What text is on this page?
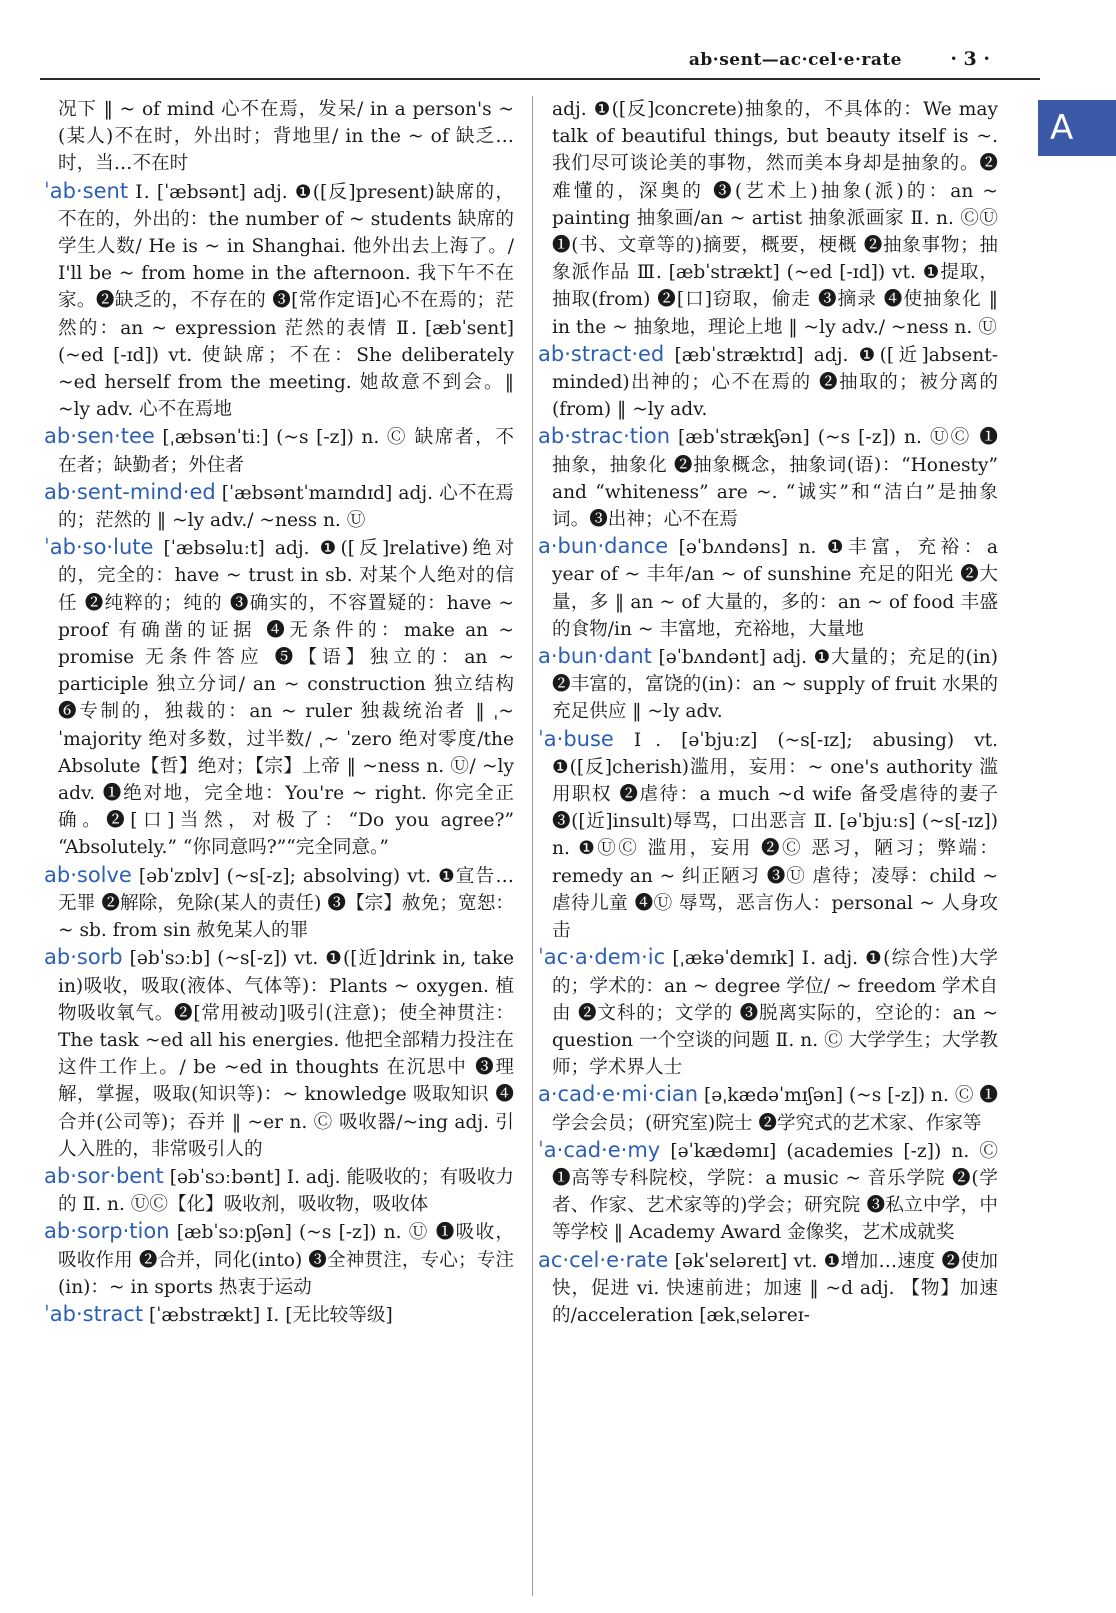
ab·sent—ac·cel·e·rate	· 3 ·
A

况下 ‖ ~ of mind 心不在焉，发呆/ in a person's ~ (某人)不在时，外出时；背地里/ in the ~ of 缺乏…时，当…不在时

ˈab·sent Ⅰ. [ˈæbsənt] adj. ❶([反]present)缺席的，不在的，外出的：the number of ~ students 缺席的学生人数/ He is ~ in Shanghai. 他外出去上海了。/ I'll be ~ from home in the afternoon. 我下午不在家。❷缺乏的，不存在的 ❸[常作定语]心不在焉的；茫然的：an ~ expression 茫然的表情 Ⅱ. [æbˈsent](~ed [-ɪd]) vt. 使缺席；不在：She deliberately ~ed herself from the meeting. 她故意不到会。‖ ~ly adv. 心不在焉地

ab·sen·tee [ˌæbsənˈtiː] (~s [-z]) n. Ⓒ 缺席者，不在者；缺勤者；外住者

ab·sent-mind·ed [ˈæbsəntˈmaɪndɪd] adj. 心不在焉的；茫然的 ‖ ~ly adv./ ~ness n. Ⓤ

ˈab·so·lute [ˈæbsəluːt] adj. ❶([反]relative)绝对的，完全的：have ~ trust in sb. 对某个人绝对的信任 ❷纯粹的；纯的 ❸确实的，不容置疑的：have ~ proof 有确凿的证据 ❹无条件的：make an ~ promise 无条件答应 ❺【语】独立的：an ~ participle 独立分词/ an ~ construction 独立结构 ❻专制的，独裁的：an ~ ruler 独裁统治者 ‖ ˌ~ ˈmajority 绝对多数，过半数/ ˌ~ ˈzero 绝对零度/the Absolute【哲】绝对；【宗】上帝 ‖ ~ness n. Ⓤ/ ~ly adv. ❶绝对地，完全地：You're ~ right. 你完全正确。❷[口]当然，对极了：“Do you agree?” “Absolutely.” “你同意吗?”“完全同意。”

ab·solve [əbˈzɒlv] (~s[-z]; absolving) vt. ❶宣告…无罪 ❷解除，免除(某人的责任) ❸【宗】赦免；宽恕：~ sb. from sin 赦免某人的罪

ab·sorb [əbˈsɔːb] (~s[-z]) vt. ❶([近]drink in, take in)吸收，吸取(液体、气体等)：Plants ~ oxygen. 植物吸收氧气。❷[常用被动]吸引(注意)；使全神贯注：The task ~ed all his energies. 他把全部精力投注在这件工作上。/ be ~ed in thoughts 在沉思中 ❸理解，掌握，吸取(知识等)：~ knowledge 吸取知识 ❹合并(公司等)；吞并 ‖ ~er n. Ⓒ 吸收器/~ing adj. 引人入胜的，非常吸引人的

ab·sor·bent [əbˈsɔːbənt] Ⅰ. adj. 能吸收的；有吸收力的 Ⅱ. n. ⓊⒸ【化】吸收剂，吸收物，吸收体

ab·sorp·tion [æbˈsɔːpʃən] (~s [-z]) n. Ⓤ ❶吸收，吸收作用 ❷合并，同化(into) ❸全神贯注，专心；专注(in)：~ in sports 热衷于运动

ˈab·stract [ˈæbstrækt] Ⅰ. [无比较等级]

adj. ❶([反]concrete)抽象的，不具体的：We may talk of beautiful things, but beauty itself is ~. 我们尽可谈论美的事物，然而美本身却是抽象的。❷难懂的，深奥的 ❸(艺术上)抽象(派)的：an ~ painting 抽象画/an ~ artist 抽象派画家 Ⅱ. n. ⒸⓊ ❶(书、文章等的)摘要，概要，梗概 ❷抽象事物；抽象派作品 Ⅲ. [æbˈstrækt] (~ed [-ɪd]) vt. ❶提取，抽取(from) ❷[口]窃取，偷走 ❸摘录 ❹使抽象化 ‖ in the ~ 抽象地，理论上地 ‖ ~ly adv./ ~ness n. Ⓤ

ab·stract·ed [æbˈstræktɪd] adj. ❶([近]absent-minded)出神的；心不在焉的 ❷抽取的；被分离的(from) ‖ ~ly adv.

ab·strac·tion [æbˈstrækʃən] (~s [-z]) n. ⓊⒸ ❶抽象，抽象化 ❷抽象概念，抽象词(语)：“Honesty” and “whiteness” are ~. “诚实”和“洁白”是抽象词。❸出神；心不在焉

a·bun·dance [əˈbʌndəns] n. ❶丰富，充裕：a year of ~ 丰年/an ~ of sunshine 充足的阳光 ❷大量，多 ‖ an ~ of 大量的，多的：an ~ of food 丰盛的食物/in ~ 丰富地，充裕地，大量地

a·bun·dant [əˈbʌndənt] adj. ❶大量的；充足的(in) ❷丰富的，富饶的(in)：an ~ supply of fruit 水果的充足供应 ‖ ~ly adv.

ˈa·buse Ⅰ. [əˈbjuːz] (~s[-ɪz]; abusing) vt. ❶([反]cherish)滥用，妄用：~ one's authority 滥用职权 ❷虐待：a much ~d wife 备受虐待的妻子 ❸([近]insult)辱骂，口出恶言 Ⅱ. [əˈbjuːs] (~s[-ɪz]) n. ❶ⓊⒸ 滥用，妄用 ❷Ⓒ 恶习，陋习；弊端：remedy an ~ 纠正陋习 ❸Ⓤ 虐待；凌辱：child ~ 虐待儿童 ❹Ⓤ 辱骂，恶言伤人：personal ~ 人身攻击

ˈac·a·dem·ic [ˌækəˈdemɪk] Ⅰ. adj. ❶(综合性)大学的；学术的：an ~ degree 学位/ ~ freedom 学术自由 ❷文科的；文学的 ❸脱离实际的，空论的：an ~ question 一个空谈的问题 Ⅱ. n. Ⓒ 大学学生；大学教师；学术界人士

a·cad·e·mi·cian [əˌkædəˈmɪʃən] (~s [-z]) n. Ⓒ ❶学会会员；(研究室)院士 ❷学究式的艺术家、作家等

ˈa·cad·e·my [əˈkædəmɪ] (academies [-z]) n. Ⓒ ❶高等专科院校，学院：a music ~ 音乐学院 ❷(学者、作家、艺术家等的)学会；研究院 ❸私立中学，中等学校 ‖ Academy Award 金像奖，艺术成就奖

ac·cel·e·rate [əkˈseləreɪt] vt. ❶增加…速度 ❷使加快，促进 vi. 快速前进；加速 ‖ ~d adj. 【物】加速的/acceleration [ækˌseləreɪ-
